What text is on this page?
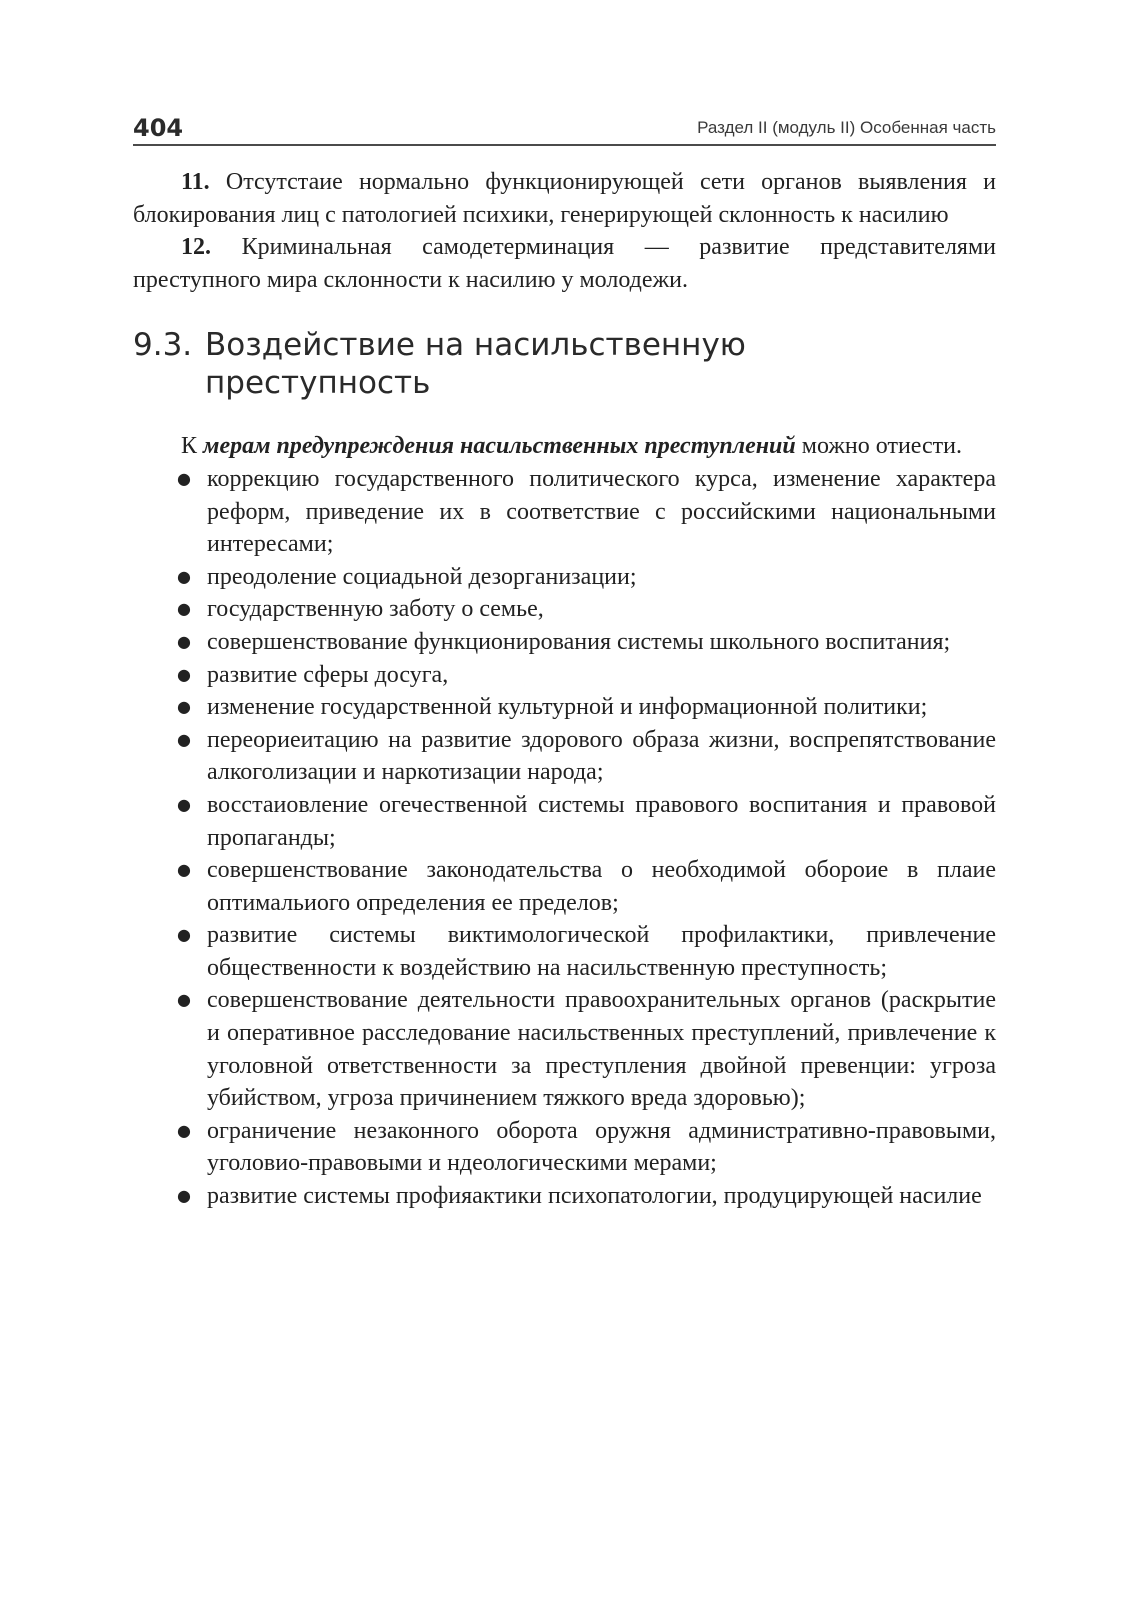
404	Раздел II (модуль II) Особенная часть

11. Отсутстаие нормально функционирующей сети органов выявления и блокирования лиц с патологией психики, генерирующей склонность к насилию

12. Криминальная самодетерминация — развитие представителями преступного мира склонности к насилию у молодежи.

9.3. Воздействие на насильственную преступность

К мерам предупреждения насильственных преступлений можно отиести.

● коррекцию государственного политического курса, изменение характера реформ, приведение их в соответствие с российскими национальными интересами;
● преодоление социадьной дезорганизации;
● государственную заботу о семье,
● совершенствование функционирования системы школьного воспитания;
● развитие сферы досуга,
● изменение государственной культурной и информационной политики;
● переориеитацию на развитие здорового образа жизни, воспрепятствование алкоголизации и наркотизации народа;
● восстаиовление огечественной системы правового воспитания и правовой пропаганды;
● совершенствование законодательства о необходимой обороие в плаие оптимальиого определения ее пределов;
● развитие системы виктимологической профилактики, привлечение общественности к воздействию на насильственную преступность;
● совершенствование деятельности правоохранительных органов (раскрытие и оперативное расследование насильственных преступлений, привлечение к уголовной ответственности за преступления двойной превенции: угроза убийством, угроза причинением тяжкого вреда здоровью);
● ограничение незаконного оборота оружня административно-правовыми, уголовио-правовыми и ндеологическими мерами;
● развитие системы профияактики психопатологии, продуцирующей насилие
